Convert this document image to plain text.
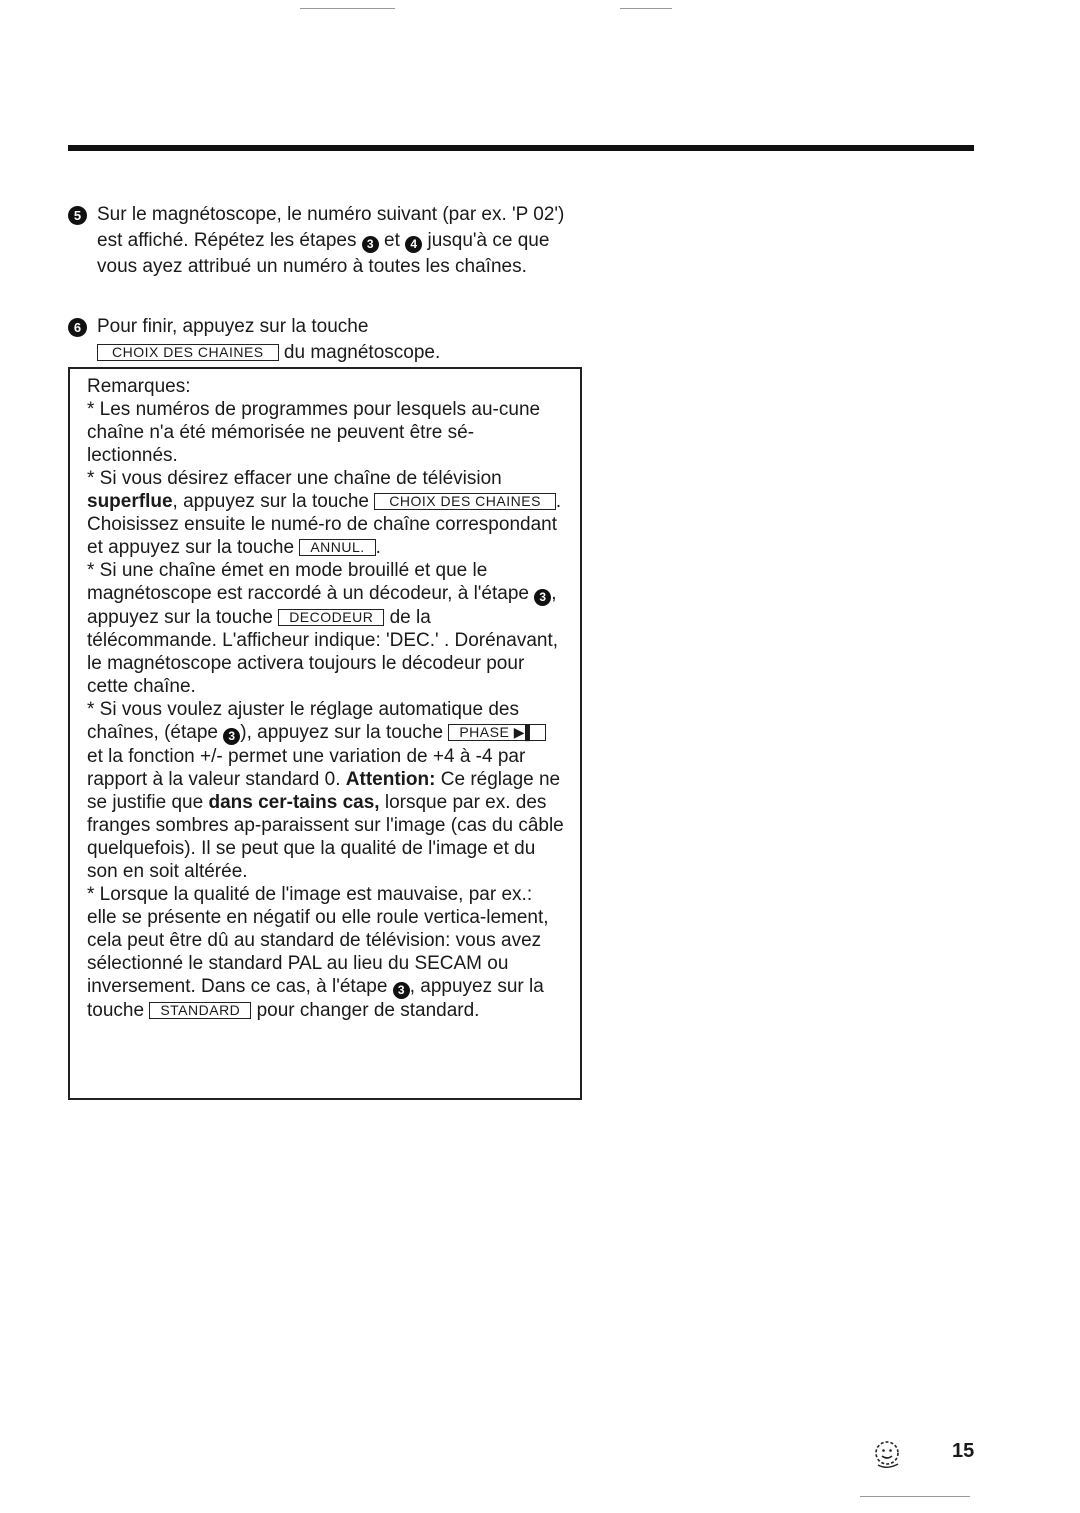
5 Sur le magnétoscope, le numéro suivant (par ex. 'P 02') est affiché. Répétez les étapes 3 et 4 jusqu'à ce que vous ayez attribué un numéro à toutes les chaînes.
6 Pour finir, appuyez sur la touche
CHOIX DES CHAINES du magnétoscope.

Remarques:

* Les numéros de programmes pour lesquels au-cune chaîne n'a été mémorisée ne peuvent être sé-lectionnés.

* Si vous désirez effacer une chaîne de télévision superflue, appuyez sur la touche CHOIX DES CHAINES . Choisissez ensuite le numé-ro de chaîne correspondant et appuyez sur la touche ANNUL. .

* Si une chaîne émet en mode brouillé et que le magnétoscope est raccordé à un décodeur, à l'étape 3 , appuyez sur la touche DECODEUR de la télécommande. L'afficheur indique: 'DEC.' . Dorénavant, le magnétoscope activera toujours le décodeur pour cette chaîne.

* Si vous voulez ajuster le réglage automatique des chaînes, (étape 3 ), appuyez sur la touche PHASE ▶▌ et la fonction +/- permet une variation de +4 à -4 par rapport à la valeur standard 0. Attention: Ce réglage ne se justifie que dans cer-tains cas, lorsque par ex. des franges sombres ap-paraissent sur l'image (cas du câble quelquefois). Il se peut que la qualité de l'image et du son en soit altérée.

* Lorsque la qualité de l'image est mauvaise, par ex.: elle se présente en négatif ou elle roule vertica-lement, cela peut être dû au standard de télévision: vous avez sélectionné le standard PAL au lieu du SECAM ou inversement. Dans ce cas, à l'étape 3 , appuyez sur la touche STANDARD pour changer de standard.

15
